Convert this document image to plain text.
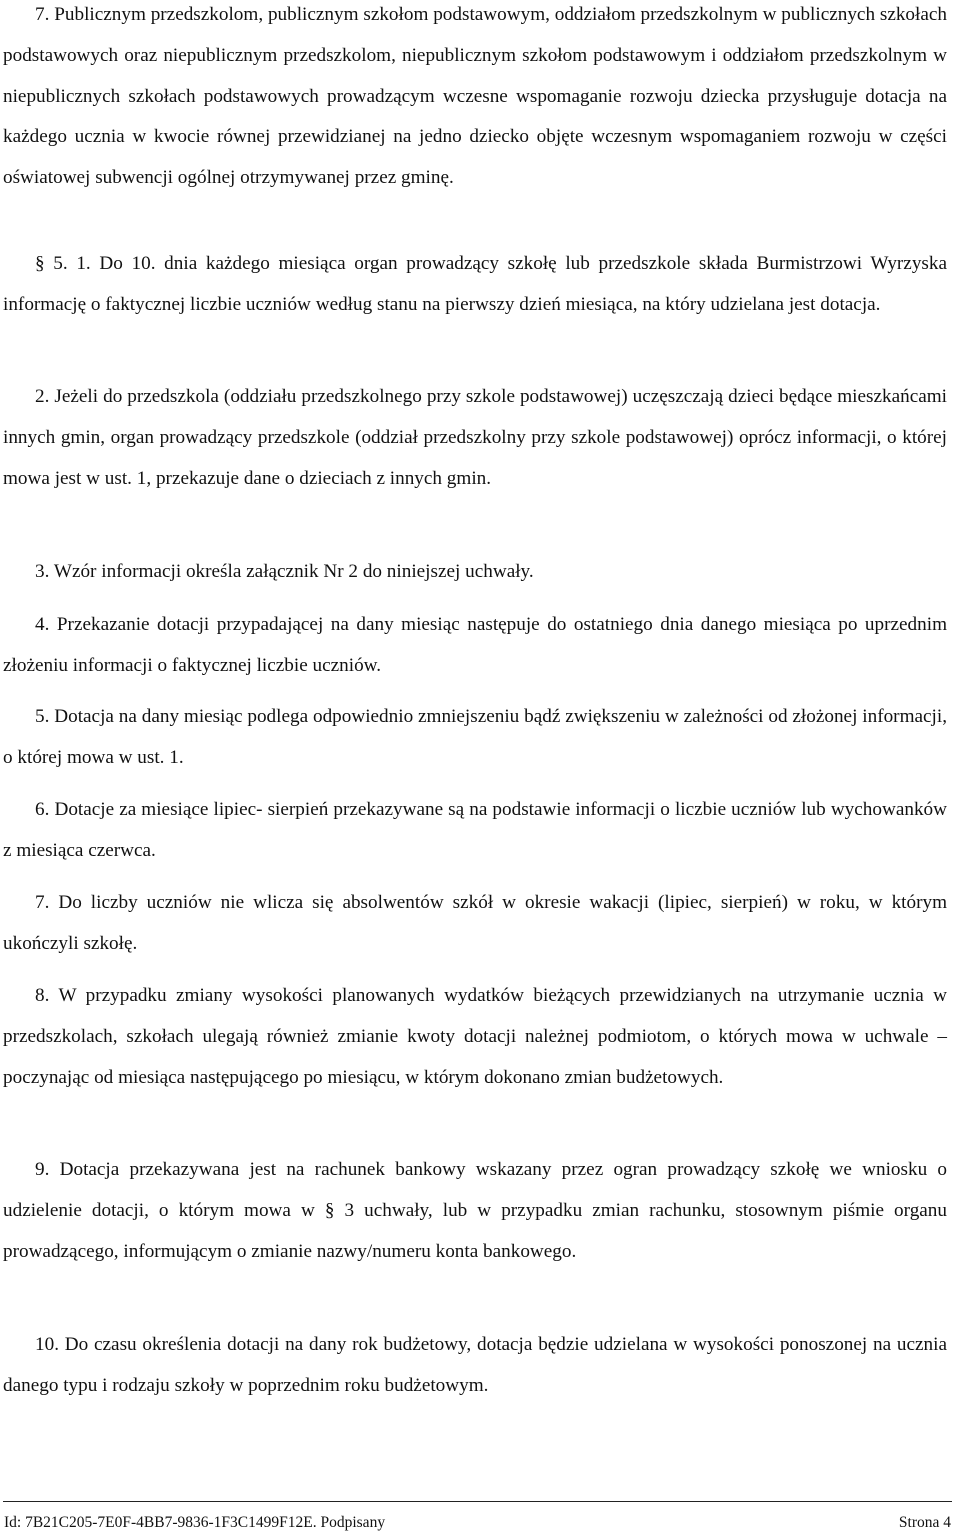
7. Publicznym przedszkolom, publicznym szkołom podstawowym, oddziałom przedszkolnym w publicznych szkołach podstawowych oraz niepublicznym przedszkolom, niepublicznym szkołom podstawowym i oddziałom przedszkolnym w niepublicznych szkołach podstawowych prowadzącym wczesne wspomaganie rozwoju dziecka przysługuje dotacja na każdego ucznia w kwocie równej przewidzianej na jedno dziecko objęte wczesnym wspomaganiem rozwoju w części oświatowej subwencji ogólnej otrzymywanej przez gminę.

§ 5. 1. Do 10. dnia każdego miesiąca organ prowadzący szkołę lub przedszkole składa Burmistrzowi Wyrzyska informację o faktycznej liczbie uczniów według stanu na pierwszy dzień miesiąca, na który udzielana jest dotacja.

2. Jeżeli do przedszkola (oddziału przedszkolnego przy szkole podstawowej) uczęszczają dzieci będące mieszkańcami innych gmin, organ prowadzący przedszkole (oddział przedszkolny przy szkole podstawowej) oprócz informacji, o której mowa jest w ust. 1, przekazuje dane o dzieciach z innych gmin.

3. Wzór informacji określa załącznik Nr 2 do niniejszej uchwały.

4. Przekazanie dotacji przypadającej na dany miesiąc następuje do ostatniego dnia danego miesiąca po uprzednim złożeniu informacji o faktycznej liczbie uczniów.

5. Dotacja na dany miesiąc podlega odpowiednio zmniejszeniu bądź zwiększeniu w zależności od złożonej informacji, o której mowa w ust. 1.

6. Dotacje za miesiące lipiec- sierpień przekazywane są na podstawie informacji o liczbie uczniów lub wychowanków z miesiąca czerwca.

7. Do liczby uczniów nie wlicza się absolwentów szkół w okresie wakacji (lipiec, sierpień) w roku, w którym ukończyli szkołę.

8. W przypadku zmiany wysokości planowanych wydatków bieżących przewidzianych na utrzymanie ucznia w przedszkolach, szkołach ulegają również zmianie kwoty dotacji należnej podmiotom, o których mowa w uchwale – poczynając od miesiąca następującego po miesiącu, w którym dokonano zmian budżetowych.

9. Dotacja przekazywana jest na rachunek bankowy wskazany przez ogran prowadzący szkołę we wniosku o udzielenie dotacji, o którym mowa w § 3 uchwały, lub w przypadku zmian rachunku, stosownym piśmie organu prowadzącego, informującym o zmianie nazwy/numeru konta bankowego.

10. Do czasu określenia dotacji na dany rok budżetowy, dotacja będzie udzielana w wysokości ponoszonej na ucznia danego typu i rodzaju szkoły w poprzednim roku budżetowym.

Id: 7B21C205-7E0F-4BB7-9836-1F3C1499F12E. Podpisany	Strona 4
